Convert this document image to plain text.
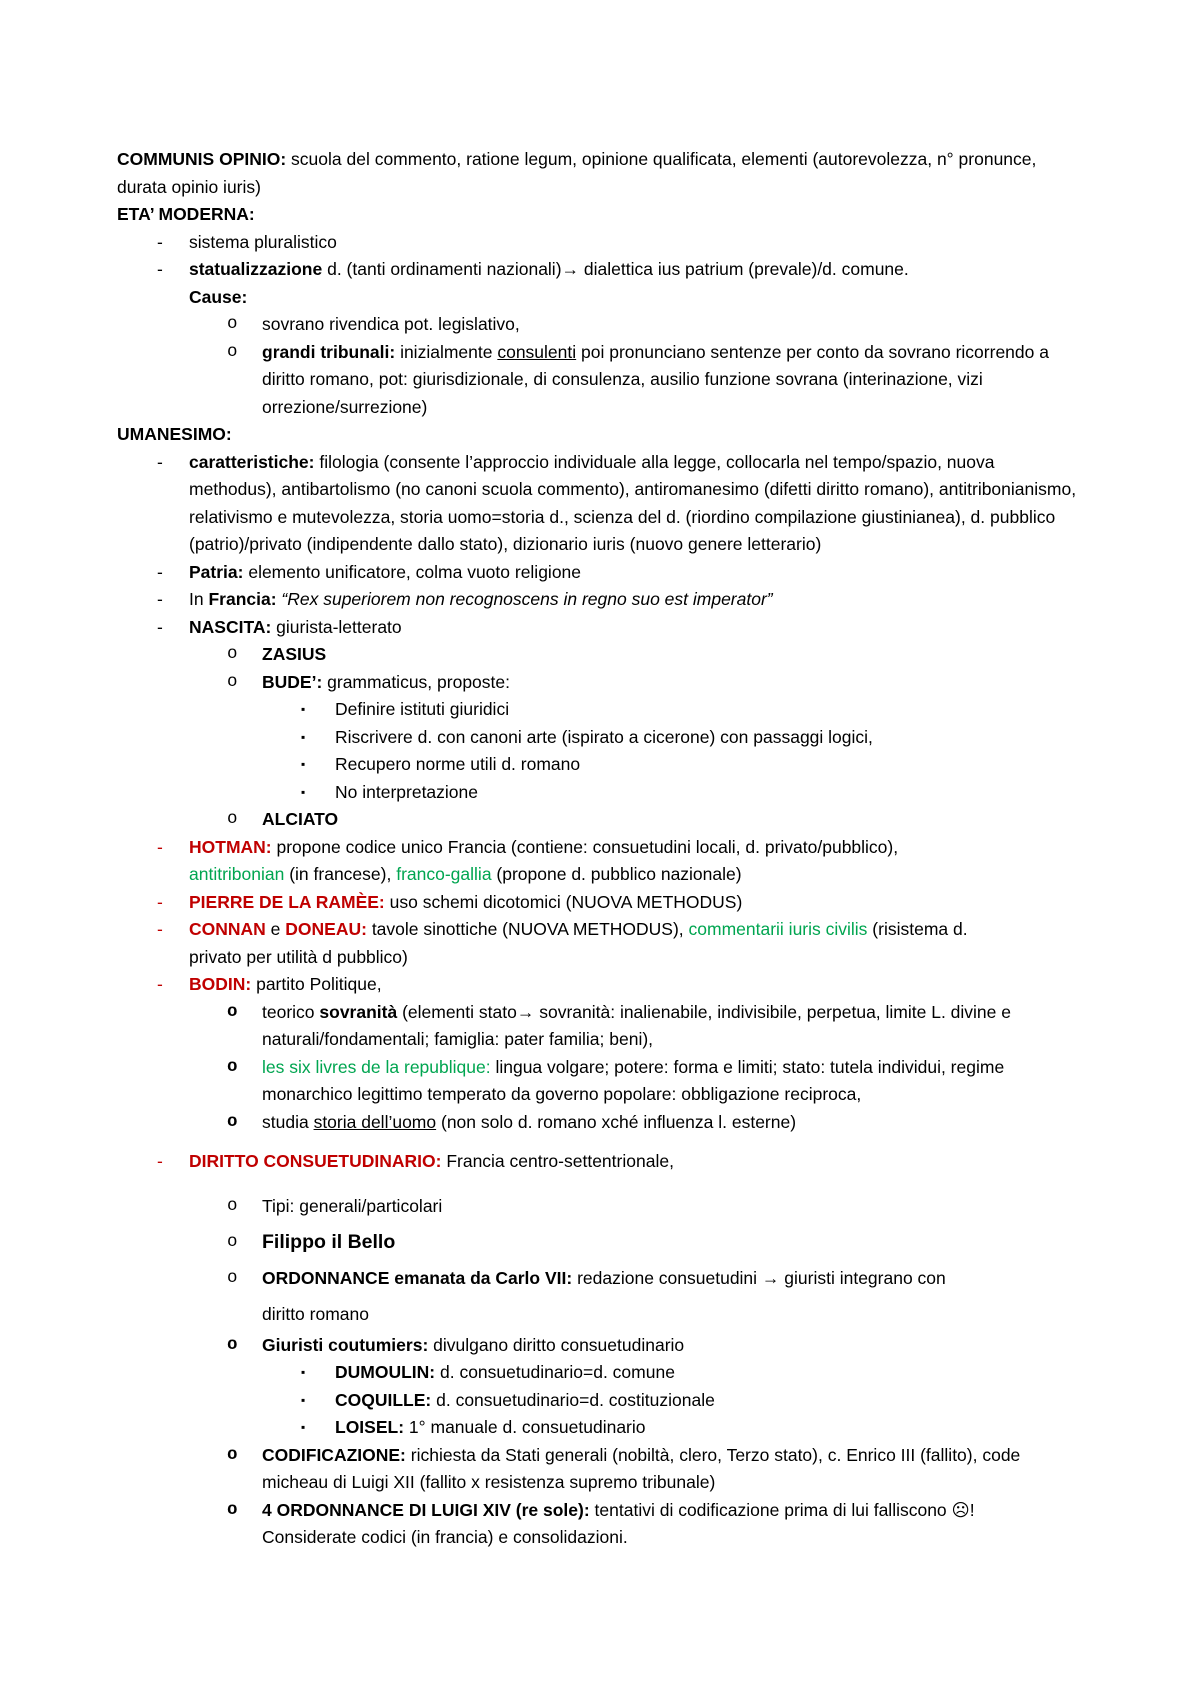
COMMUNIS OPINIO: scuola del commento, ratione legum, opinione qualificata, elementi (autorevolezza, n° pronunce, durata opinio iuris)
ETA’ MODERNA:
- sistema pluralistico
- statualizzazione d. (tanti ordinamenti nazionali)→ dialettica ius patrium (prevale)/d. comune.
Cause:
o sovrano rivendica pot. legislativo,
o grandi tribunali: inizialmente consulenti poi pronunciano sentenze per conto da sovrano ricorrendo a diritto romano, pot: giurisdizionale, di consulenza, ausilio funzione sovrana (interinazione, vizi orrezione/surrezione)
UMANESIMO:
- caratteristiche: filologia (consente l’approccio individuale alla legge, collocarla nel tempo/spazio, nuova methodus), antibartolismo (no canoni scuola commento), antiromanesimo (difetti diritto romano), antitribonianismo, relativismo e mutevolezza, storia uomo=storia d., scienza del d. (riordino compilazione giustinianea), d. pubblico (patrio)/privato (indipendente dallo stato), dizionario iuris (nuovo genere letterario)
- Patria: elemento unificatore, colma vuoto religione
- In Francia: “Rex superiorem non recognoscens in regno suo est imperator”
- NASCITA: giurista-letterato
o ZASIUS
o BUDE’: grammaticus, proposte:
▪ Definire istituti giuridici
▪ Riscrivere d. con canoni arte (ispirato a cicerone) con passaggi logici,
▪ Recupero norme utili d. romano
▪ No interpretazione
o ALCIATO
- HOTMAN: propone codice unico Francia (contiene: consuetudini locali, d. privato/pubblico),
antitribonian (in francese), franco-gallia (propone d. pubblico nazionale)
- PIERRE DE LA RAMÈE: uso schemi dicotomici (NUOVA METHODUS)
- CONNAN e DONEAU: tavole sinottiche (NUOVA METHODUS), commentarii iuris civilis (risistema d.
privato per utilità d pubblico)
- BODIN: partito Politique,
o teorico sovranità (elementi stato→ sovranità: inalienabile, indivisibile, perpetua, limite L. divine e naturali/fondamentali; famiglia: pater familia; beni),
o les six livres de la republique: lingua volgare; potere: forma e limiti; stato: tutela individui, regime monarchico legittimo temperato da governo popolare: obbligazione reciproca,
o studia storia dell’uomo (non solo d. romano xché influenza l. esterne)
- DIRITTO CONSUETUDINARIO: Francia centro-settentrionale,
o Tipi: generali/particolari
o Filippo il Bello
o ORDONNANCE emanata da Carlo VII: redazione consuetudini → giuristi integrano con
diritto romano
o Giuristi coutumiers: divulgano diritto consuetudinario
▪ DUMOULIN: d. consuetudinario=d. comune
▪ COQUILLE: d. consuetudinario=d. costituzionale
▪ LOISEL: 1° manuale d. consuetudinario
o CODIFICAZIONE: richiesta da Stati generali (nobiltà, clero, Terzo stato), c. Enrico III (fallito), code micheau di Luigi XII (fallito x resistenza supremo tribunale)
o 4 ORDONNANCE DI LUIGI XIV (re sole): tentativi di codificazione prima di lui falliscono ☹!
Considerate codici (in francia) e consolidazioni.
